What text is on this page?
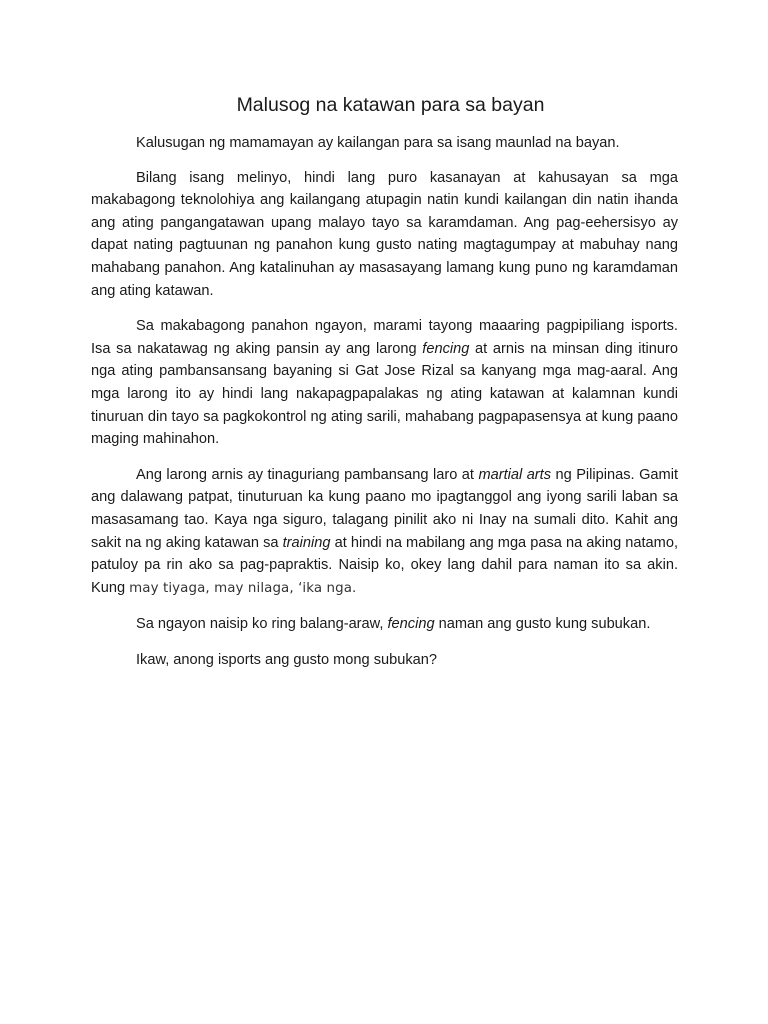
Malusog na katawan para sa bayan

Kalusugan ng mamamayan ay kailangan para sa isang maunlad na bayan.

Bilang isang melinyo, hindi lang puro kasanayan at kahusayan sa mga makabagong teknolohiya ang kailangang atupagin natin kundi kailangan din natin ihanda ang ating pangangatawan upang malayo tayo sa karamdaman. Ang pag-eehersisyo ay dapat nating pagtuunan ng panahon kung gusto nating magtagumpay at mabuhay nang mahabang panahon. Ang katalinuhan ay masasayang lamang kung puno ng karamdaman ang ating katawan.

Sa makabagong panahon ngayon, marami tayong maaaring pagpipiliang isports. Isa sa nakatawag ng aking pansin ay ang larong fencing at arnis na minsan ding itinuro nga ating pambansansang bayaning si Gat Jose Rizal sa kanyang mga mag-aaral. Ang mga larong ito ay hindi lang nakapagpapalakas ng ating katawan at kalamnan kundi tinuruan din tayo sa pagkokontrol ng ating sarili, mahabang pagpapasensya at kung paano maging mahinahon.

Ang larong arnis ay tinaguriang pambansang laro at martial arts ng Pilipinas. Gamit ang dalawang patpat, tinuturuan ka kung paano mo ipagtanggol ang iyong sarili laban sa masasamang tao. Kaya nga siguro, talagang pinilit ako ni Inay na sumali dito. Kahit ang sakit na ng aking katawan sa training at hindi na mabilang ang mga pasa na aking natamo, patuloy pa rin ako sa pag-papraktis. Naisip ko, okey lang dahil para naman ito sa akin. Kung may tiyaga, may nilaga, ‘ika nga.

Sa ngayon naisip ko ring balang-araw, fencing naman ang gusto kung subukan.

Ikaw, anong isports ang gusto mong subukan?
